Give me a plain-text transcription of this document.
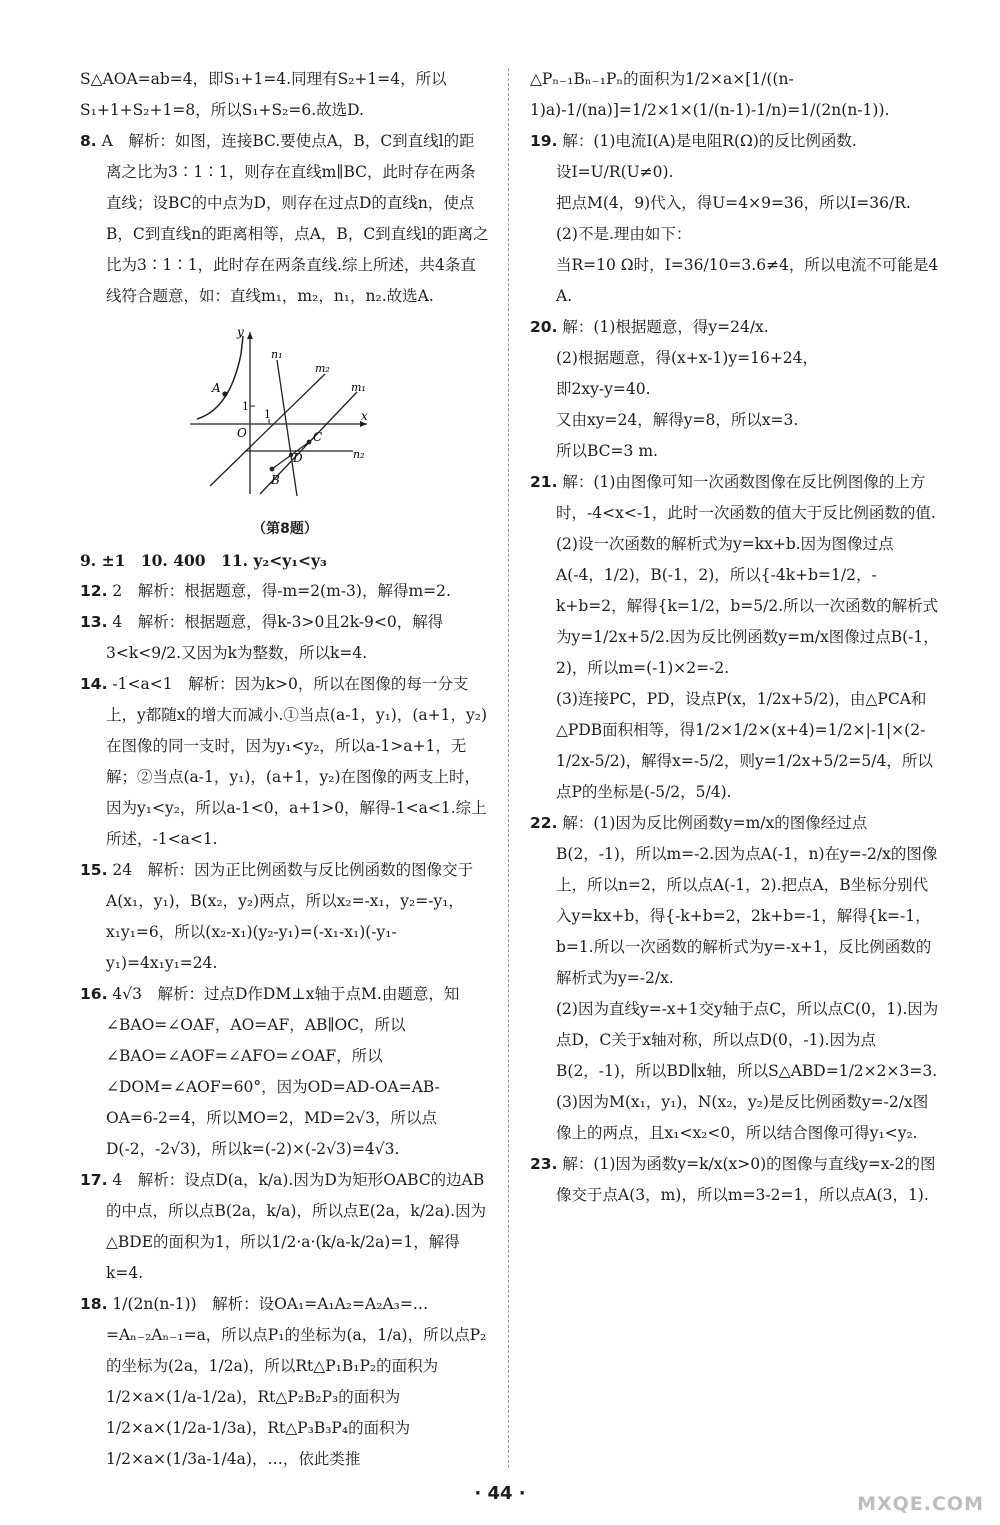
S△AOA=ab=4，即S₁+1=4.同理有S₂+1=4，所以

S₁+1+S₂+1=8，所以S₁+S₂=6.故选D.

8. A　解析：如图，连接BC.要使点A，B，C到直线l的距离之比为3∶1∶1，则存在直线m∥BC，此时存在两条直线；设BC的中点为D，则存在过点D的直线n，使点B，C到直线n的距离相等，点A，B，C到直线l的距离之比为3∶1∶1，此时存在两条直线.综上所述，共4条直线符合题意，如：直线m₁，m₂，n₁，n₂.故选A.

y
x
O
1
1
A
B
C
D
n₁
n₂
m₁
m₂
（第8题）

9. ±1　10. 400　11. y₂<y₁<y₃

12. 2　解析：根据题意，得-m=2(m-3)，解得m=2.

13. 4　解析：根据题意，得k-3>0且2k-9<0，解得3<k<9/2.又因为k为整数，所以k=4.

14. -1<a<1　解析：因为k>0，所以在图像的每一分支上，y都随x的增大而减小.①当点(a-1，y₁)，(a+1，y₂)在图像的同一支时，因为y₁<y₂，所以a-1>a+1，无解；②当点(a-1，y₁)，(a+1，y₂)在图像的两支上时，因为y₁<y₂，所以a-1<0，a+1>0，解得-1<a<1.综上所述，-1<a<1.

15. 24　解析：因为正比例函数与反比例函数的图像交于A(x₁，y₁)，B(x₂，y₂)两点，所以x₂=-x₁，y₂=-y₁，x₁y₁=6，所以(x₂-x₁)(y₂-y₁)=(-x₁-x₁)(-y₁-y₁)=4x₁y₁=24.

16. 4√3　解析：过点D作DM⊥x轴于点M.由题意，知∠BAO=∠OAF，AO=AF，AB∥OC，所以∠BAO=∠AOF=∠AFO=∠OAF，所以∠DOM=∠AOF=60°，因为OD=AD-OA=AB-OA=6-2=4，所以MO=2，MD=2√3，所以点D(-2，-2√3)，所以k=(-2)×(-2√3)=4√3.

17. 4　解析：设点D(a，k/a).因为D为矩形OABC的边AB的中点，所以点B(2a，k/a)，所以点E(2a，k/2a).因为△BDE的面积为1，所以1/2·a·(k/a-k/2a)=1，解得k=4.

18. 1/(2n(n-1))　解析：设OA₁=A₁A₂=A₂A₃=…=Aₙ₋₂Aₙ₋₁=a，所以点P₁的坐标为(a，1/a)，所以点P₂的坐标为(2a，1/2a)，所以Rt△P₁B₁P₂的面积为1/2×a×(1/a-1/2a)，Rt△P₂B₂P₃的面积为1/2×a×(1/2a-1/3a)，Rt△P₃B₃P₄的面积为1/2×a×(1/3a-1/4a)，…，依此类推

△Pₙ₋₁Bₙ₋₁Pₙ的面积为1/2×a×[1/((n-1)a)-1/(na)]=1/2×1×(1/(n-1)-1/n)=1/(2n(n-1)).

19. 解：(1)电流I(A)是电阻R(Ω)的反比例函数.

设I=U/R(U≠0).

把点M(4，9)代入，得U=4×9=36，所以I=36/R.

(2)不是.理由如下：

当R=10 Ω时，I=36/10=3.6≠4，所以电流不可能是4 A.

20. 解：(1)根据题意，得y=24/x.

(2)根据题意，得(x+x-1)y=16+24，

即2xy-y=40.

又由xy=24，解得y=8，所以x=3.

所以BC=3 m.

21. 解：(1)由图像可知一次函数图像在反比例图像的上方时，-4<x<-1，此时一次函数的值大于反比例函数的值.

(2)设一次函数的解析式为y=kx+b.因为图像过点A(-4，1/2)，B(-1，2)，所以{-4k+b=1/2，-k+b=2，解得{k=1/2，b=5/2.所以一次函数的解析式为y=1/2x+5/2.因为反比例函数y=m/x图像过点B(-1，2)，所以m=(-1)×2=-2.

(3)连接PC，PD，设点P(x，1/2x+5/2)，由△PCA和△PDB面积相等，得1/2×1/2×(x+4)=1/2×|-1|×(2-1/2x-5/2)，解得x=-5/2，则y=1/2x+5/2=5/4，所以点P的坐标是(-5/2，5/4).

22. 解：(1)因为反比例函数y=m/x的图像经过点B(2，-1)，所以m=-2.因为点A(-1，n)在y=-2/x的图像上，所以n=2，所以点A(-1，2).把点A，B坐标分别代入y=kx+b，得{-k+b=2，2k+b=-1，解得{k=-1，b=1.所以一次函数的解析式为y=-x+1，反比例函数的解析式为y=-2/x.

(2)因为直线y=-x+1交y轴于点C，所以点C(0，1).因为点D，C关于x轴对称，所以点D(0，-1).因为点B(2，-1)，所以BD∥x轴，所以S△ABD=1/2×2×3=3.

(3)因为M(x₁，y₁)，N(x₂，y₂)是反比例函数y=-2/x图像上的两点，且x₁<x₂<0，所以结合图像可得y₁<y₂.

23. 解：(1)因为函数y=k/x(x>0)的图像与直线y=x-2的图像交于点A(3，m)，所以m=3-2=1，所以点A(3，1).

· 44 ·	MXQE.COM
